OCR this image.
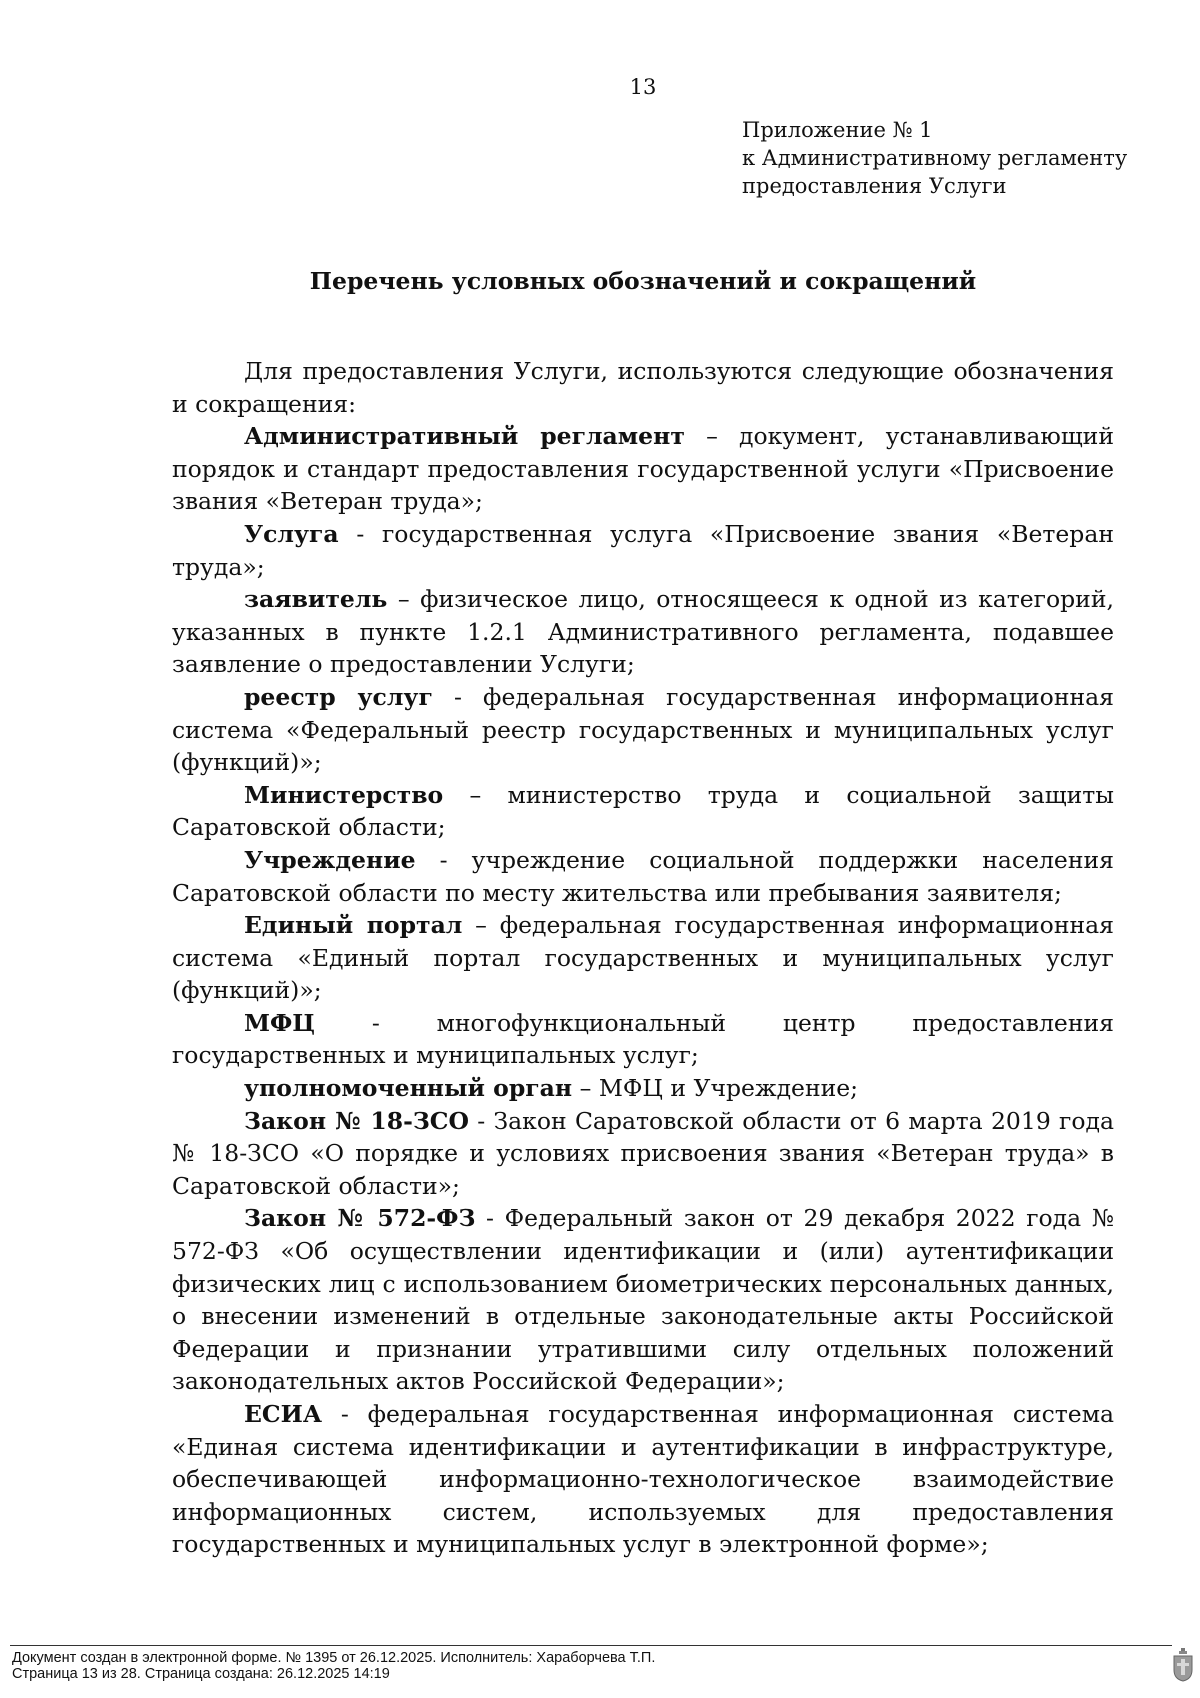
13
Приложение № 1
к Административному регламенту
предоставления Услуги
Перечень условных обозначений и сокращений

Для предоставления Услуги, используются следующие обозначения и сокращения:

Административный регламент – документ, устанавливающий порядок и стандарт предоставления государственной услуги «Присвоение звания «Ветеран труда»;

Услуга - государственная услуга «Присвоение звания «Ветеран труда»;

заявитель – физическое лицо, относящееся к одной из категорий, указанных в пункте 1.2.1 Административного регламента, подавшее заявление о предоставлении Услуги;

реестр услуг - федеральная государственная информационная система «Федеральный реестр государственных и муниципальных услуг (функций)»;

Министерство – министерство труда и социальной защиты Саратовской области;

Учреждение - учреждение социальной поддержки населения Саратовской области по месту жительства или пребывания заявителя;

Единый портал – федеральная государственная информационная система «Единый портал государственных и муниципальных услуг (функций)»;

МФЦ - многофункциональный центр предоставления государственных и муниципальных услуг;

уполномоченный орган – МФЦ и Учреждение;

Закон № 18-ЗСО - Закон Саратовской области от 6 марта 2019 года № 18-ЗСО «О порядке и условиях присвоения звания «Ветеран труда» в Саратовской области»;

Закон № 572-ФЗ - Федеральный закон от 29 декабря 2022 года № 572-ФЗ «Об осуществлении идентификации и (или) аутентификации физических лиц с использованием биометрических персональных данных, о внесении изменений в отдельные законодательные акты Российской Федерации и признании утратившими силу отдельных положений законодательных актов Российской Федерации»;

ЕСИА - федеральная государственная информационная система «Единая система идентификации и аутентификации в инфраструктуре, обеспечивающей информационно-технологическое взаимодействие информационных систем, используемых для предоставления государственных и муниципальных услуг в электронной форме»;

Документ создан в электронной форме. № 1395 от 26.12.2025. Исполнитель: Хараборчева Т.П.
Страница 13 из 28. Страница создана: 26.12.2025 14:19
